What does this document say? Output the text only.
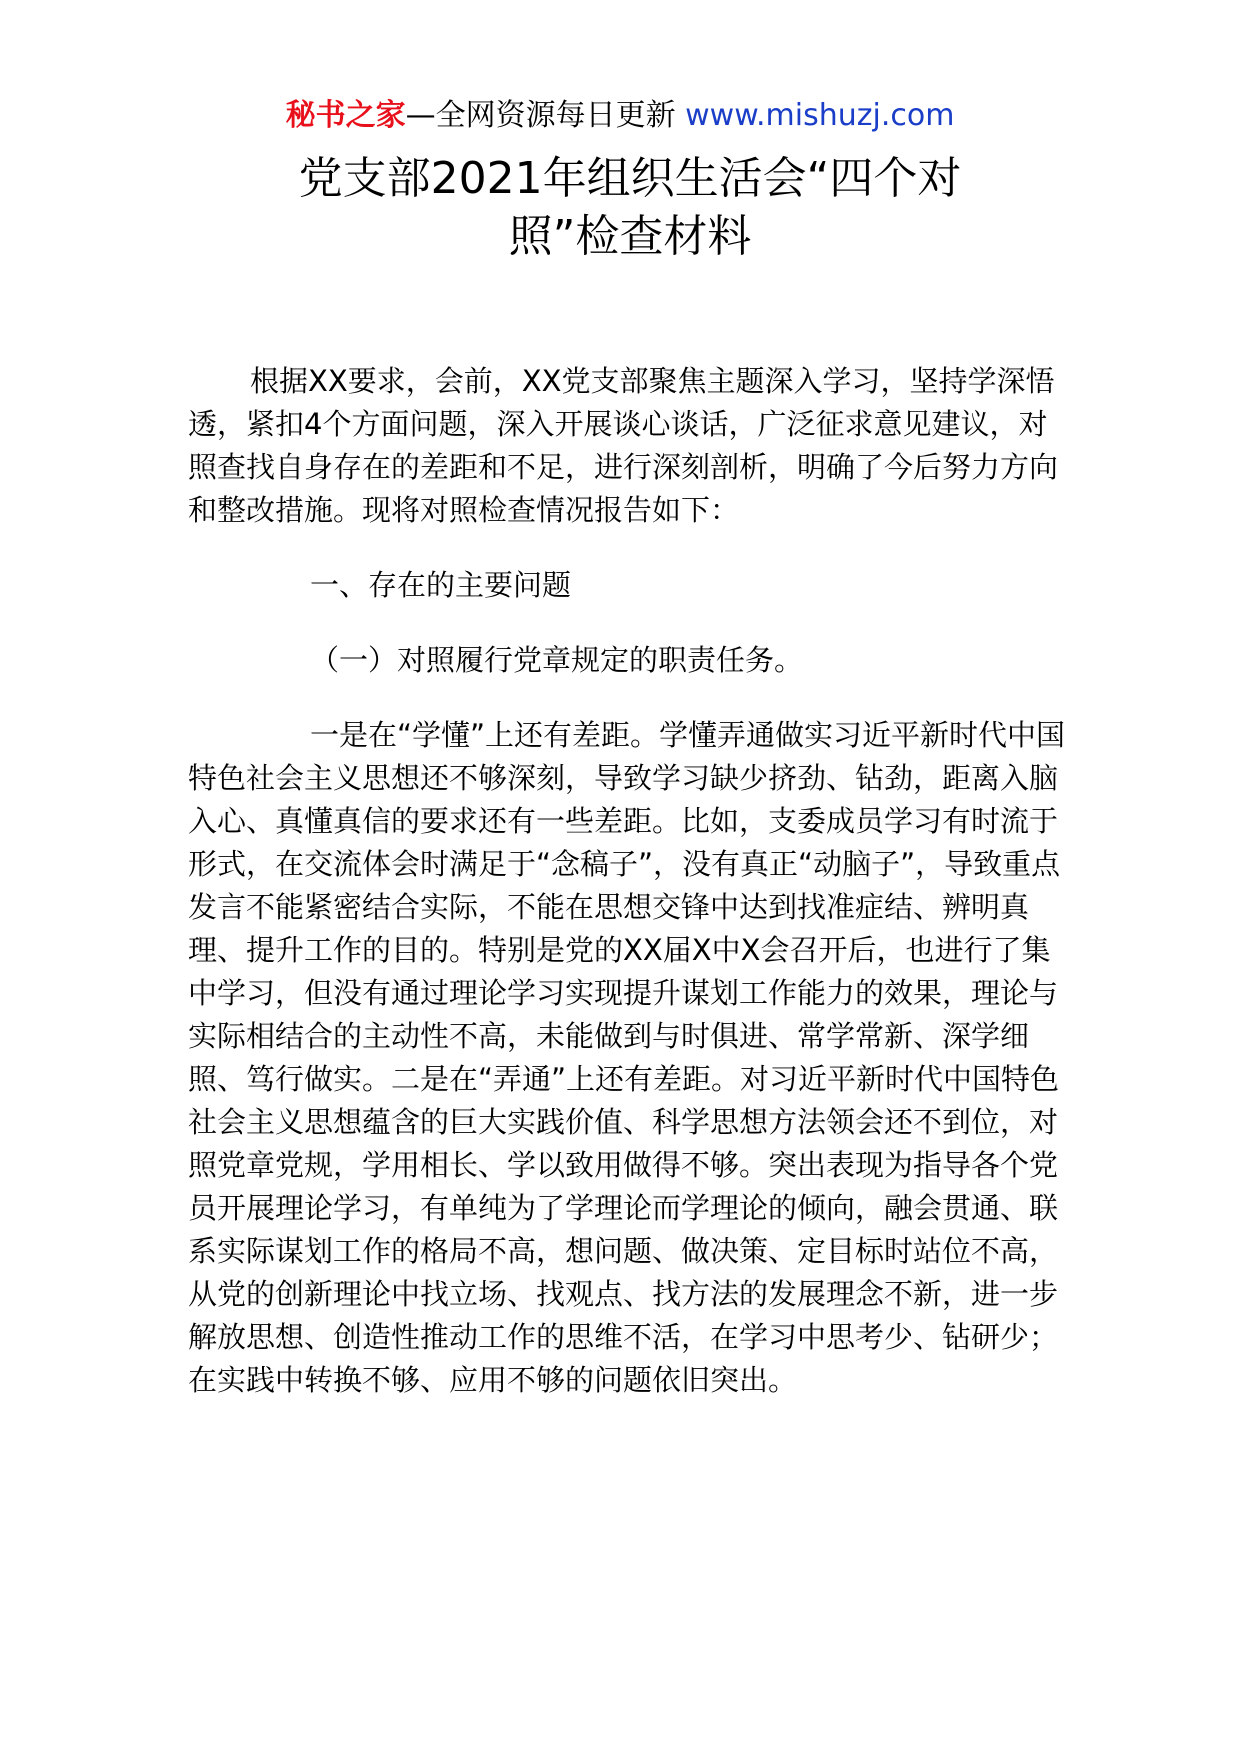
秘书之家—全网资源每日更新 www.mishuzj.com
党支部2021年组织生活会“四个对
照”检查材料

根据XX要求，会前，XX党支部聚焦主题深入学习，坚持学深悟透，紧扣4个方面问题，深入开展谈心谈话，广泛征求意见建议，对照查找自身存在的差距和不足，进行深刻剖析，明确了今后努力方向和整改措施。现将对照检查情况报告如下：

一、存在的主要问题

（一）对照履行党章规定的职责任务。

一是在“学懂”上还有差距。学懂弄通做实习近平新时代中国特色社会主义思想还不够深刻，导致学习缺少挤劲、钻劲，距离入脑入心、真懂真信的要求还有一些差距。比如，支委成员学习有时流于形式，在交流体会时满足于“念稿子”，没有真正“动脑子”，导致重点发言不能紧密结合实际，不能在思想交锋中达到找准症结、辨明真理、提升工作的目的。特别是党的XX届X中X会召开后，也进行了集中学习，但没有通过理论学习实现提升谋划工作能力的效果，理论与实际相结合的主动性不高，未能做到与时俱进、常学常新、深学细照、笃行做实。二是在“弄通”上还有差距。对习近平新时代中国特色社会主义思想蕴含的巨大实践价值、科学思想方法领会还不到位，对照党章党规，学用相长、学以致用做得不够。突出表现为指导各个党员开展理论学习，有单纯为了学理论而学理论的倾向，融会贯通、联系实际谋划工作的格局不高，想问题、做决策、定目标时站位不高，从党的创新理论中找立场、找观点、找方法的发展理念不新，进一步解放思想、创造性推动工作的思维不活，在学习中思考少、钻研少；在实践中转换不够、应用不够的问题依旧突出。
